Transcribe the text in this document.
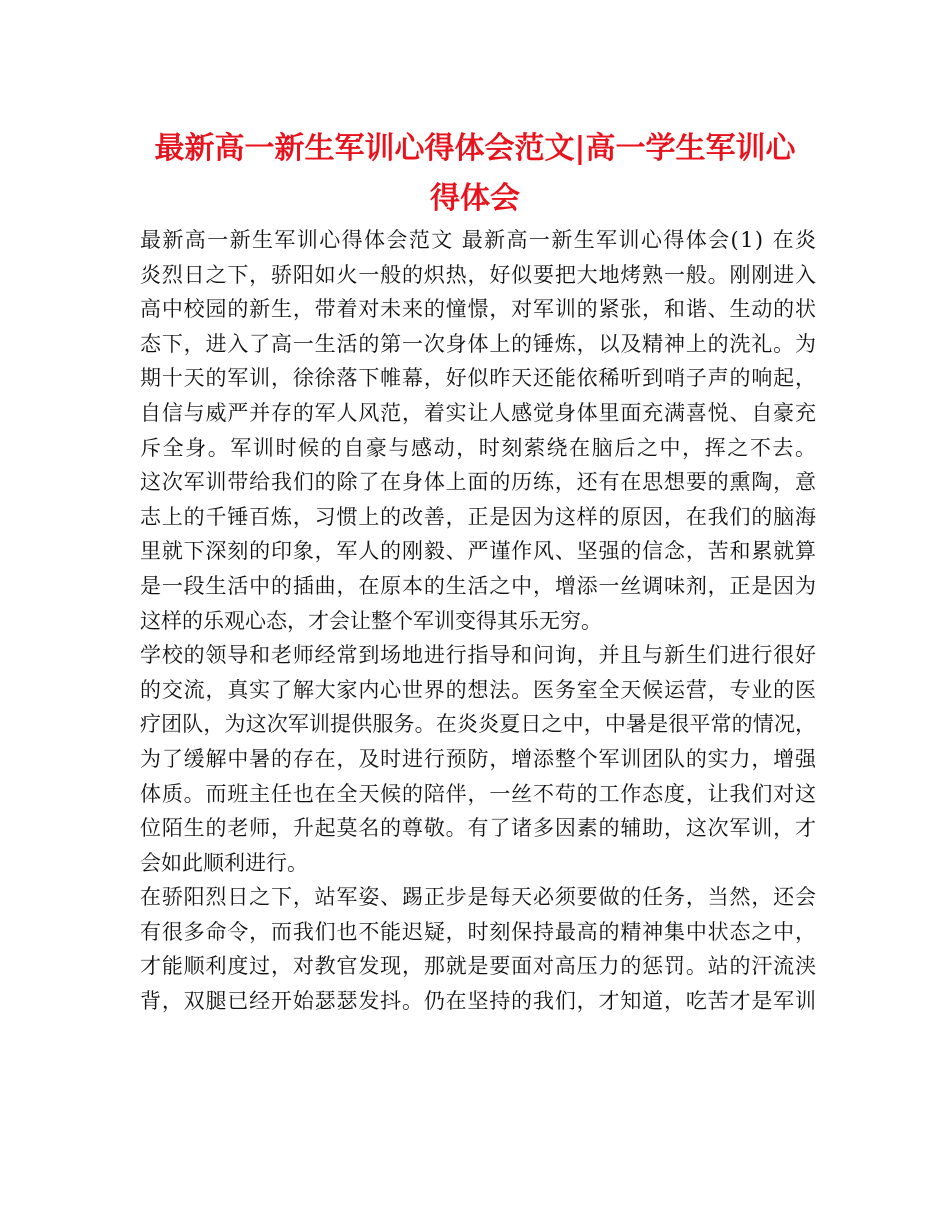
最新高一新生军训心得体会范文|高一学生军训心得体会

最新高一新生军训心得体会范文 最新高一新生军训心得体会(1) 在炎
炎烈日之下，骄阳如火一般的炽热，好似要把大地烤熟一般。刚刚进入
高中校园的新生，带着对未来的憧憬，对军训的紧张，和谐、生动的状
态下，进入了高一生活的第一次身体上的锤炼，以及精神上的洗礼。为
期十天的军训，徐徐落下帷幕，好似昨天还能依稀听到哨子声的响起，
自信与威严并存的军人风范，着实让人感觉身体里面充满喜悦、自豪充
斥全身。军训时候的自豪与感动，时刻萦绕在脑后之中，挥之不去。

这次军训带给我们的除了在身体上面的历练，还有在思想要的熏陶，意
志上的千锤百炼，习惯上的改善，正是因为这样的原因，在我们的脑海
里就下深刻的印象，军人的刚毅、严谨作风、坚强的信念，苦和累就算
是一段生活中的插曲，在原本的生活之中，增添一丝调味剂，正是因为
这样的乐观心态，才会让整个军训变得其乐无穷。

学校的领导和老师经常到场地进行指导和问询，并且与新生们进行很好
的交流，真实了解大家内心世界的想法。医务室全天候运营，专业的医
疗团队，为这次军训提供服务。在炎炎夏日之中，中暑是很平常的情况，
为了缓解中暑的存在，及时进行预防，增添整个军训团队的实力，增强
体质。而班主任也在全天候的陪伴，一丝不苟的工作态度，让我们对这
位陌生的老师，升起莫名的尊敬。有了诸多因素的辅助，这次军训，才
会如此顺利进行。

在骄阳烈日之下，站军姿、踢正步是每天必须要做的任务，当然，还会
有很多命令，而我们也不能迟疑，时刻保持最高的精神集中状态之中，
才能顺利度过，对教官发现，那就是要面对高压力的惩罚。站的汗流浃
背，双腿已经开始瑟瑟发抖。仍在坚持的我们，才知道，吃苦才是军训
